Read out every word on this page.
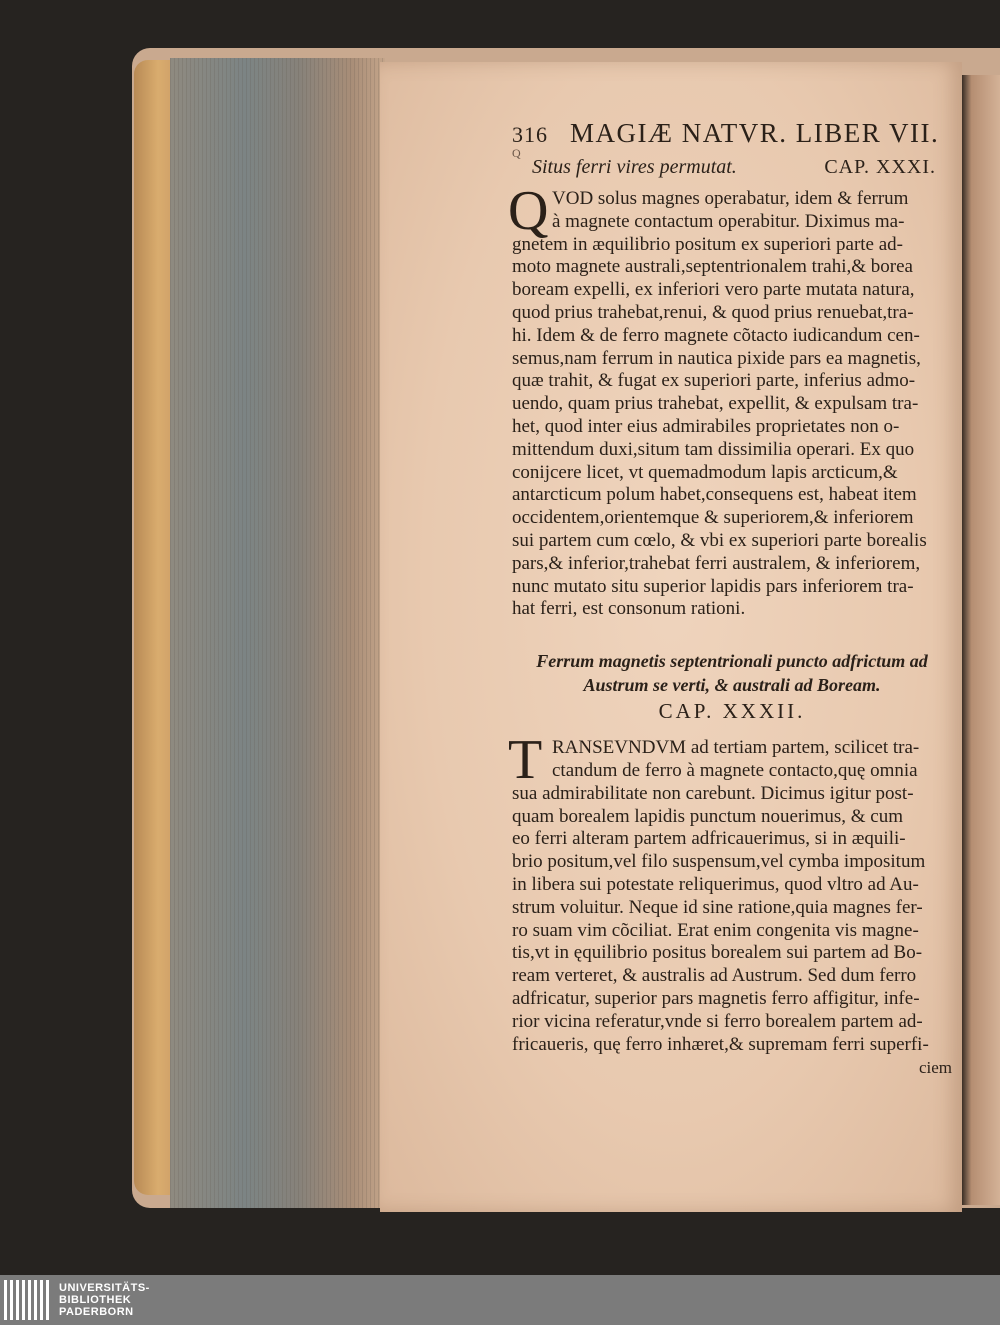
316 MAGIÆ NATVR. LIBER VII.
Q
Situs ferri vires permutat.	CAP. XXXI.
Q VOD solus magnes operabatur, idem & ferrum
à magnete contactum operabitur. Diximus ma-
gnetem in æquilibrio positum ex superiori parte ad-
moto magnete australi,septentrionalem trahi,& borea
boream expelli, ex inferiori vero parte mutata natura,
quod prius trahebat,renui, & quod prius renuebat,tra-
hi. Idem & de ferro magnete cõtacto iudicandum cen-
semus,nam ferrum in nautica pixide pars ea magnetis,
quæ trahit, & fugat ex superiori parte, inferius admo-
uendo, quam prius trahebat, expellit, & expulsam tra-
het, quod inter eius admirabiles proprietates non o-
mittendum duxi,situm tam dissimilia operari. Ex quo
conijcere licet, vt quemadmodum lapis arcticum,&
antarcticum polum habet,consequens est, habeat item
occidentem,orientemque & superiorem,& inferiorem
sui partem cum cœlo, & vbi ex superiori parte borealis
pars,& inferior,trahebat ferri australem, & inferiorem,
nunc mutato situ superior lapidis pars inferiorem tra-
hat ferri, est consonum rationi.
Ferrum magnetis septentrionali puncto adfrictum ad
Austrum se verti, & australi ad Boream.
CAP. XXXII.
T RANSEVNDVM ad tertiam partem, scilicet tra-
ctandum de ferro à magnete contacto,quę omnia
sua admirabilitate non carebunt. Dicimus igitur post-
quam borealem lapidis punctum nouerimus, & cum
eo ferri alteram partem adfricauerimus, si in æquili-
brio positum,vel filo suspensum,vel cymba impositum
in libera sui potestate reliquerimus, quod vltro ad Au-
strum voluitur. Neque id sine ratione,quia magnes fer-
ro suam vim cõciliat. Erat enim congenita vis magne-
tis,vt in ęquilibrio positus borealem sui partem ad Bo-
ream verteret, & australis ad Austrum. Sed dum ferro
adfricatur, superior pars magnetis ferro affigitur, infe-
rior vicina referatur,vnde si ferro borealem partem ad-
fricaueris, quę ferro inhæret,& supremam ferri superfi-
ciem
UNIVERSITÄTS-
BIBLIOTHEK
PADERBORN
